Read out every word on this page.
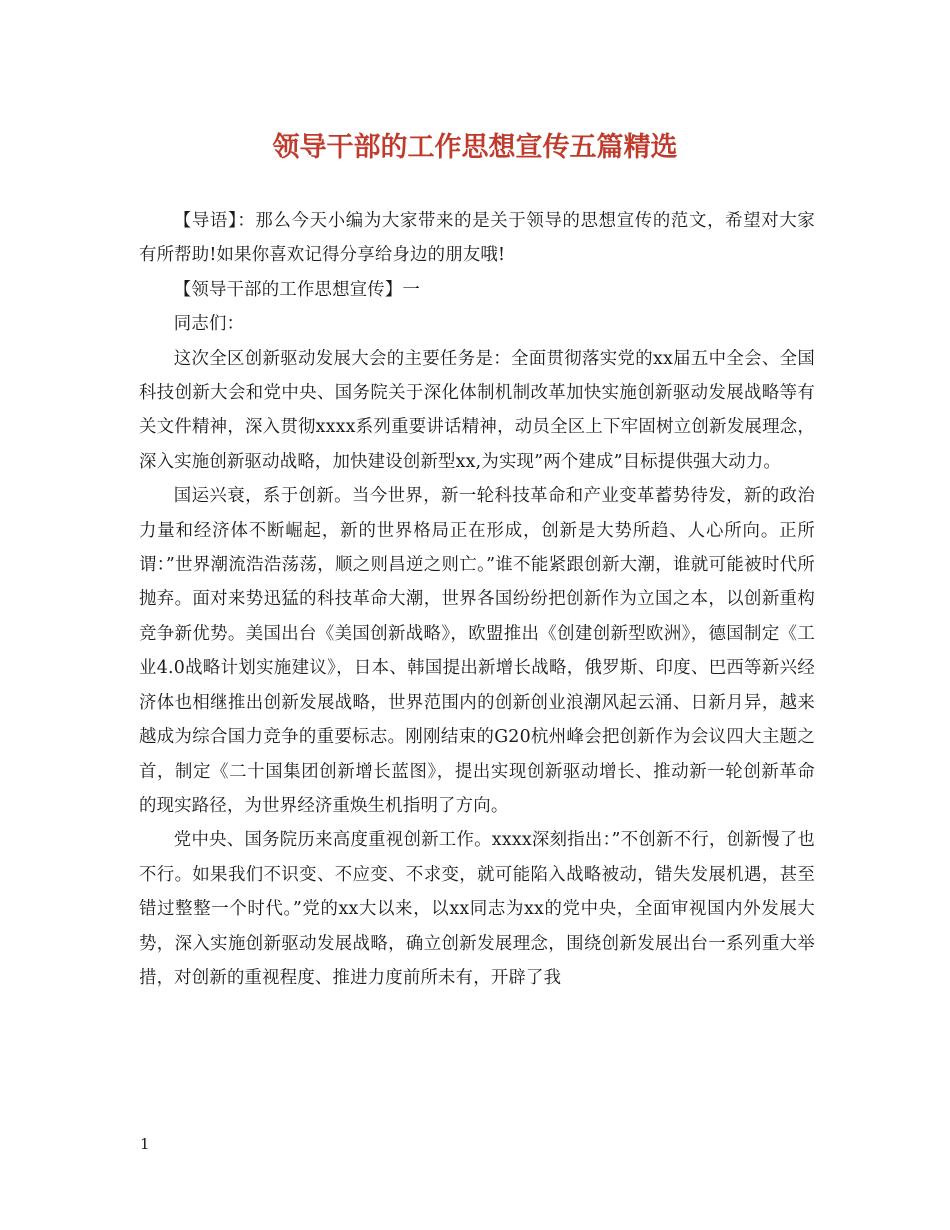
领导干部的工作思想宣传五篇精选

【导语】：那么今天小编为大家带来的是关于领导的思想宣传的范文，希望对大家有所帮助!如果你喜欢记得分享给身边的朋友哦!

【领导干部的工作思想宣传】一

同志们：

这次全区创新驱动发展大会的主要任务是：全面贯彻落实党的xx届五中全会、全国科技创新大会和党中央、国务院关于深化体制机制改革加快实施创新驱动发展战略等有关文件精神，深入贯彻xxxx系列重要讲话精神，动员全区上下牢固树立创新发展理念，深入实施创新驱动战略，加快建设创新型xx,为实现”两个建成”目标提供强大动力。

国运兴衰，系于创新。当今世界，新一轮科技革命和产业变革蓄势待发，新的政治力量和经济体不断崛起，新的世界格局正在形成，创新是大势所趋、人心所向。正所谓：”世界潮流浩浩荡荡，顺之则昌逆之则亡。”谁不能紧跟创新大潮，谁就可能被时代所抛弃。面对来势迅猛的科技革命大潮，世界各国纷纷把创新作为立国之本，以创新重构竞争新优势。美国出台《美国创新战略》，欧盟推出《创建创新型欧洲》，德国制定《工业4.0战略计划实施建议》，日本、韩国提出新增长战略，俄罗斯、印度、巴西等新兴经济体也相继推出创新发展战略，世界范围内的创新创业浪潮风起云涌、日新月异，越来越成为综合国力竞争的重要标志。刚刚结束的G20杭州峰会把创新作为会议四大主题之首，制定《二十国集团创新增长蓝图》，提出实现创新驱动增长、推动新一轮创新革命的现实路径，为世界经济重焕生机指明了方向。

党中央、国务院历来高度重视创新工作。xxxx深刻指出：”不创新不行，创新慢了也不行。如果我们不识变、不应变、不求变，就可能陷入战略被动，错失发展机遇，甚至错过整整一个时代。”党的xx大以来，以xx同志为xx的党中央，全面审视国内外发展大势，深入实施创新驱动发展战略，确立创新发展理念，围绕创新发展出台一系列重大举措，对创新的重视程度、推进力度前所未有，开辟了我

1
